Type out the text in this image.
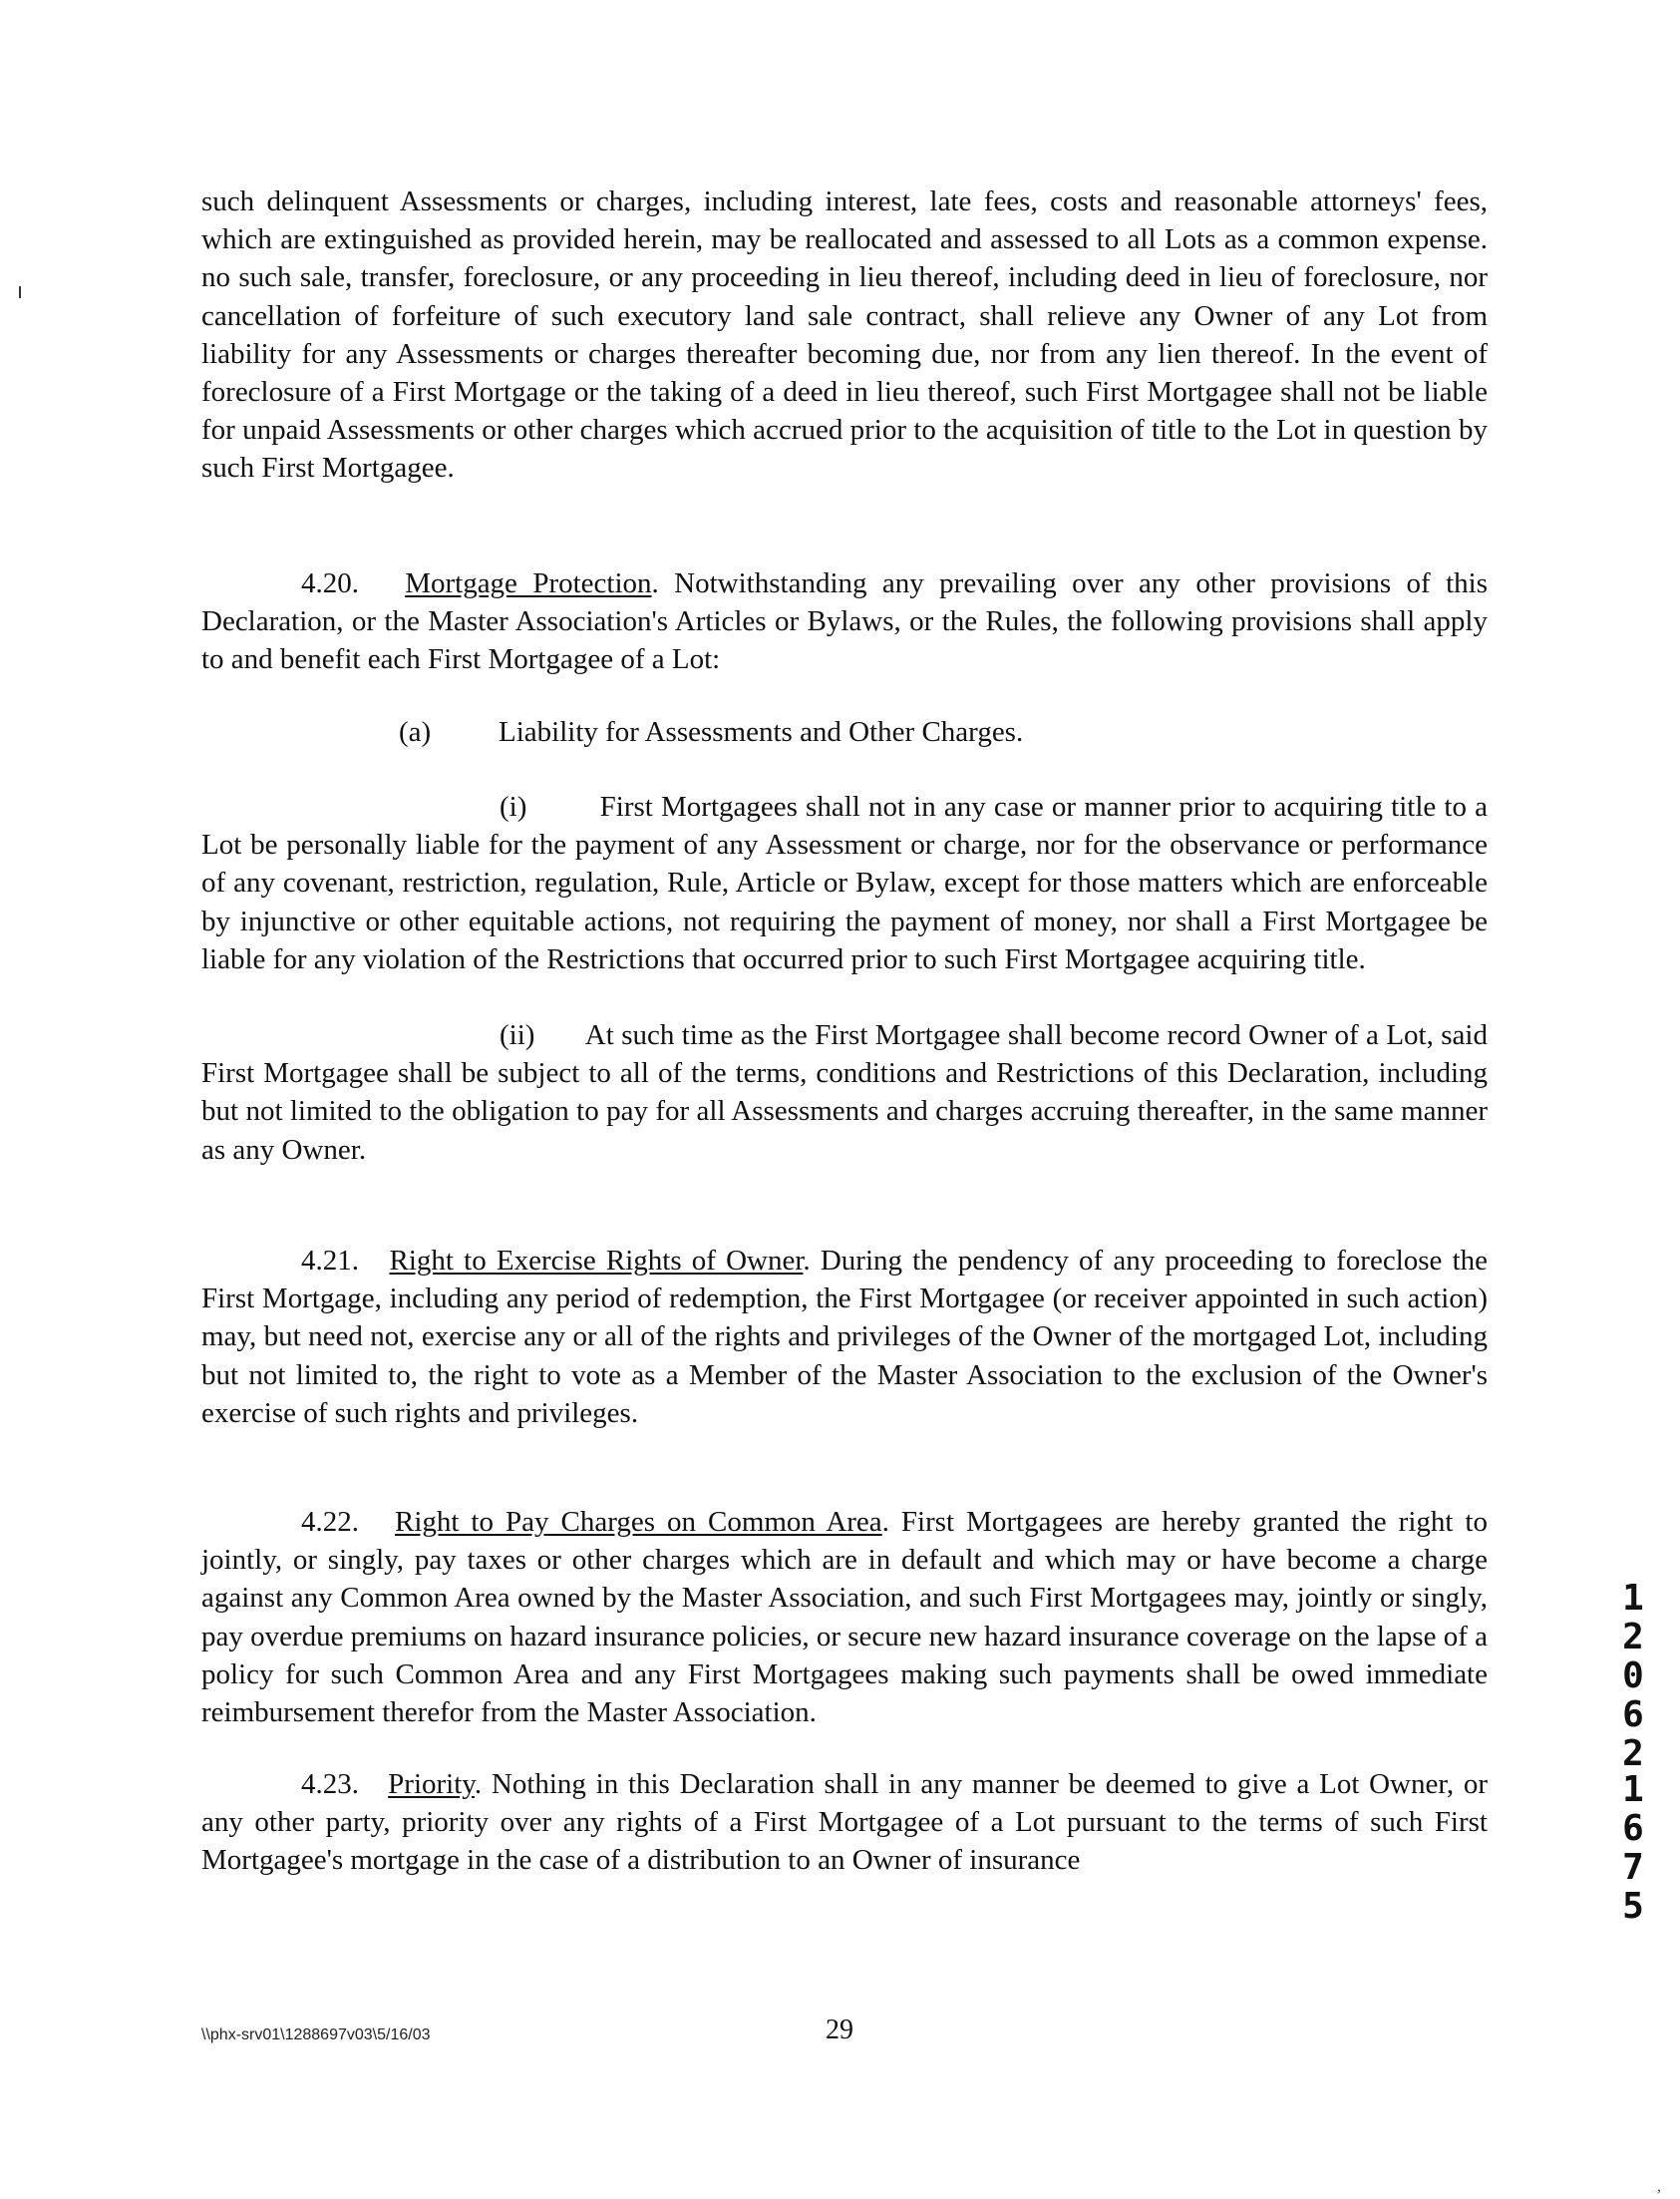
such delinquent Assessments or charges, including interest, late fees, costs and reasonable attorneys' fees, which are extinguished as provided herein, may be reallocated and assessed to all Lots as a common expense. no such sale, transfer, foreclosure, or any proceeding in lieu thereof, including deed in lieu of foreclosure, nor cancellation of forfeiture of such executory land sale contract, shall relieve any Owner of any Lot from liability for any Assessments or charges thereafter becoming due, nor from any lien thereof. In the event of foreclosure of a First Mortgage or the taking of a deed in lieu thereof, such First Mortgagee shall not be liable for unpaid Assessments or other charges which accrued prior to the acquisition of title to the Lot in question by such First Mortgagee.

4.20. Mortgage Protection. Notwithstanding any prevailing over any other provisions of this Declaration, or the Master Association's Articles or Bylaws, or the Rules, the following provisions shall apply to and benefit each First Mortgagee of a Lot:

(a) Liability for Assessments and Other Charges.

(i)	First Mortgagees shall not in any case or manner prior to acquiring title to a Lot be personally liable for the payment of any Assessment or charge, nor for the observance or performance of any covenant, restriction, regulation, Rule, Article or Bylaw, except for those matters which are enforceable by injunctive or other equitable actions, not requiring the payment of money, nor shall a First Mortgagee be liable for any violation of the Restrictions that occurred prior to such First Mortgagee acquiring title.

(ii) At such time as the First Mortgagee shall become record Owner of a Lot, said First Mortgagee shall be subject to all of the terms, conditions and Restrictions of this Declaration, including but not limited to the obligation to pay for all Assessments and charges accruing thereafter, in the same manner as any Owner.

4.21. Right to Exercise Rights of Owner. During the pendency of any proceeding to foreclose the First Mortgage, including any period of redemption, the First Mortgagee (or receiver appointed in such action) may, but need not, exercise any or all of the rights and privileges of the Owner of the mortgaged Lot, including but not limited to, the right to vote as a Member of the Master Association to the exclusion of the Owner's exercise of such rights and privileges.

4.22. Right to Pay Charges on Common Area. First Mortgagees are hereby granted the right to jointly, or singly, pay taxes or other charges which are in default and which may or have become a charge against any Common Area owned by the Master Association, and such First Mortgagees may, jointly or singly, pay overdue premiums on hazard insurance policies, or secure new hazard insurance coverage on the lapse of a policy for such Common Area and any First Mortgagees making such payments shall be owed immediate reimbursement therefor from the Master Association.

4.23. Priority. Nothing in this Declaration shall in any manner be deemed to give a Lot Owner, or any other party, priority over any rights of a First Mortgagee of a Lot pursuant to the terms of such First Mortgagee's mortgage in the case of a distribution to an Owner of insurance

1
2
0
6
2
1
6
7
5
\\phx-srv01\1288697v03\5/16/03	29
,
